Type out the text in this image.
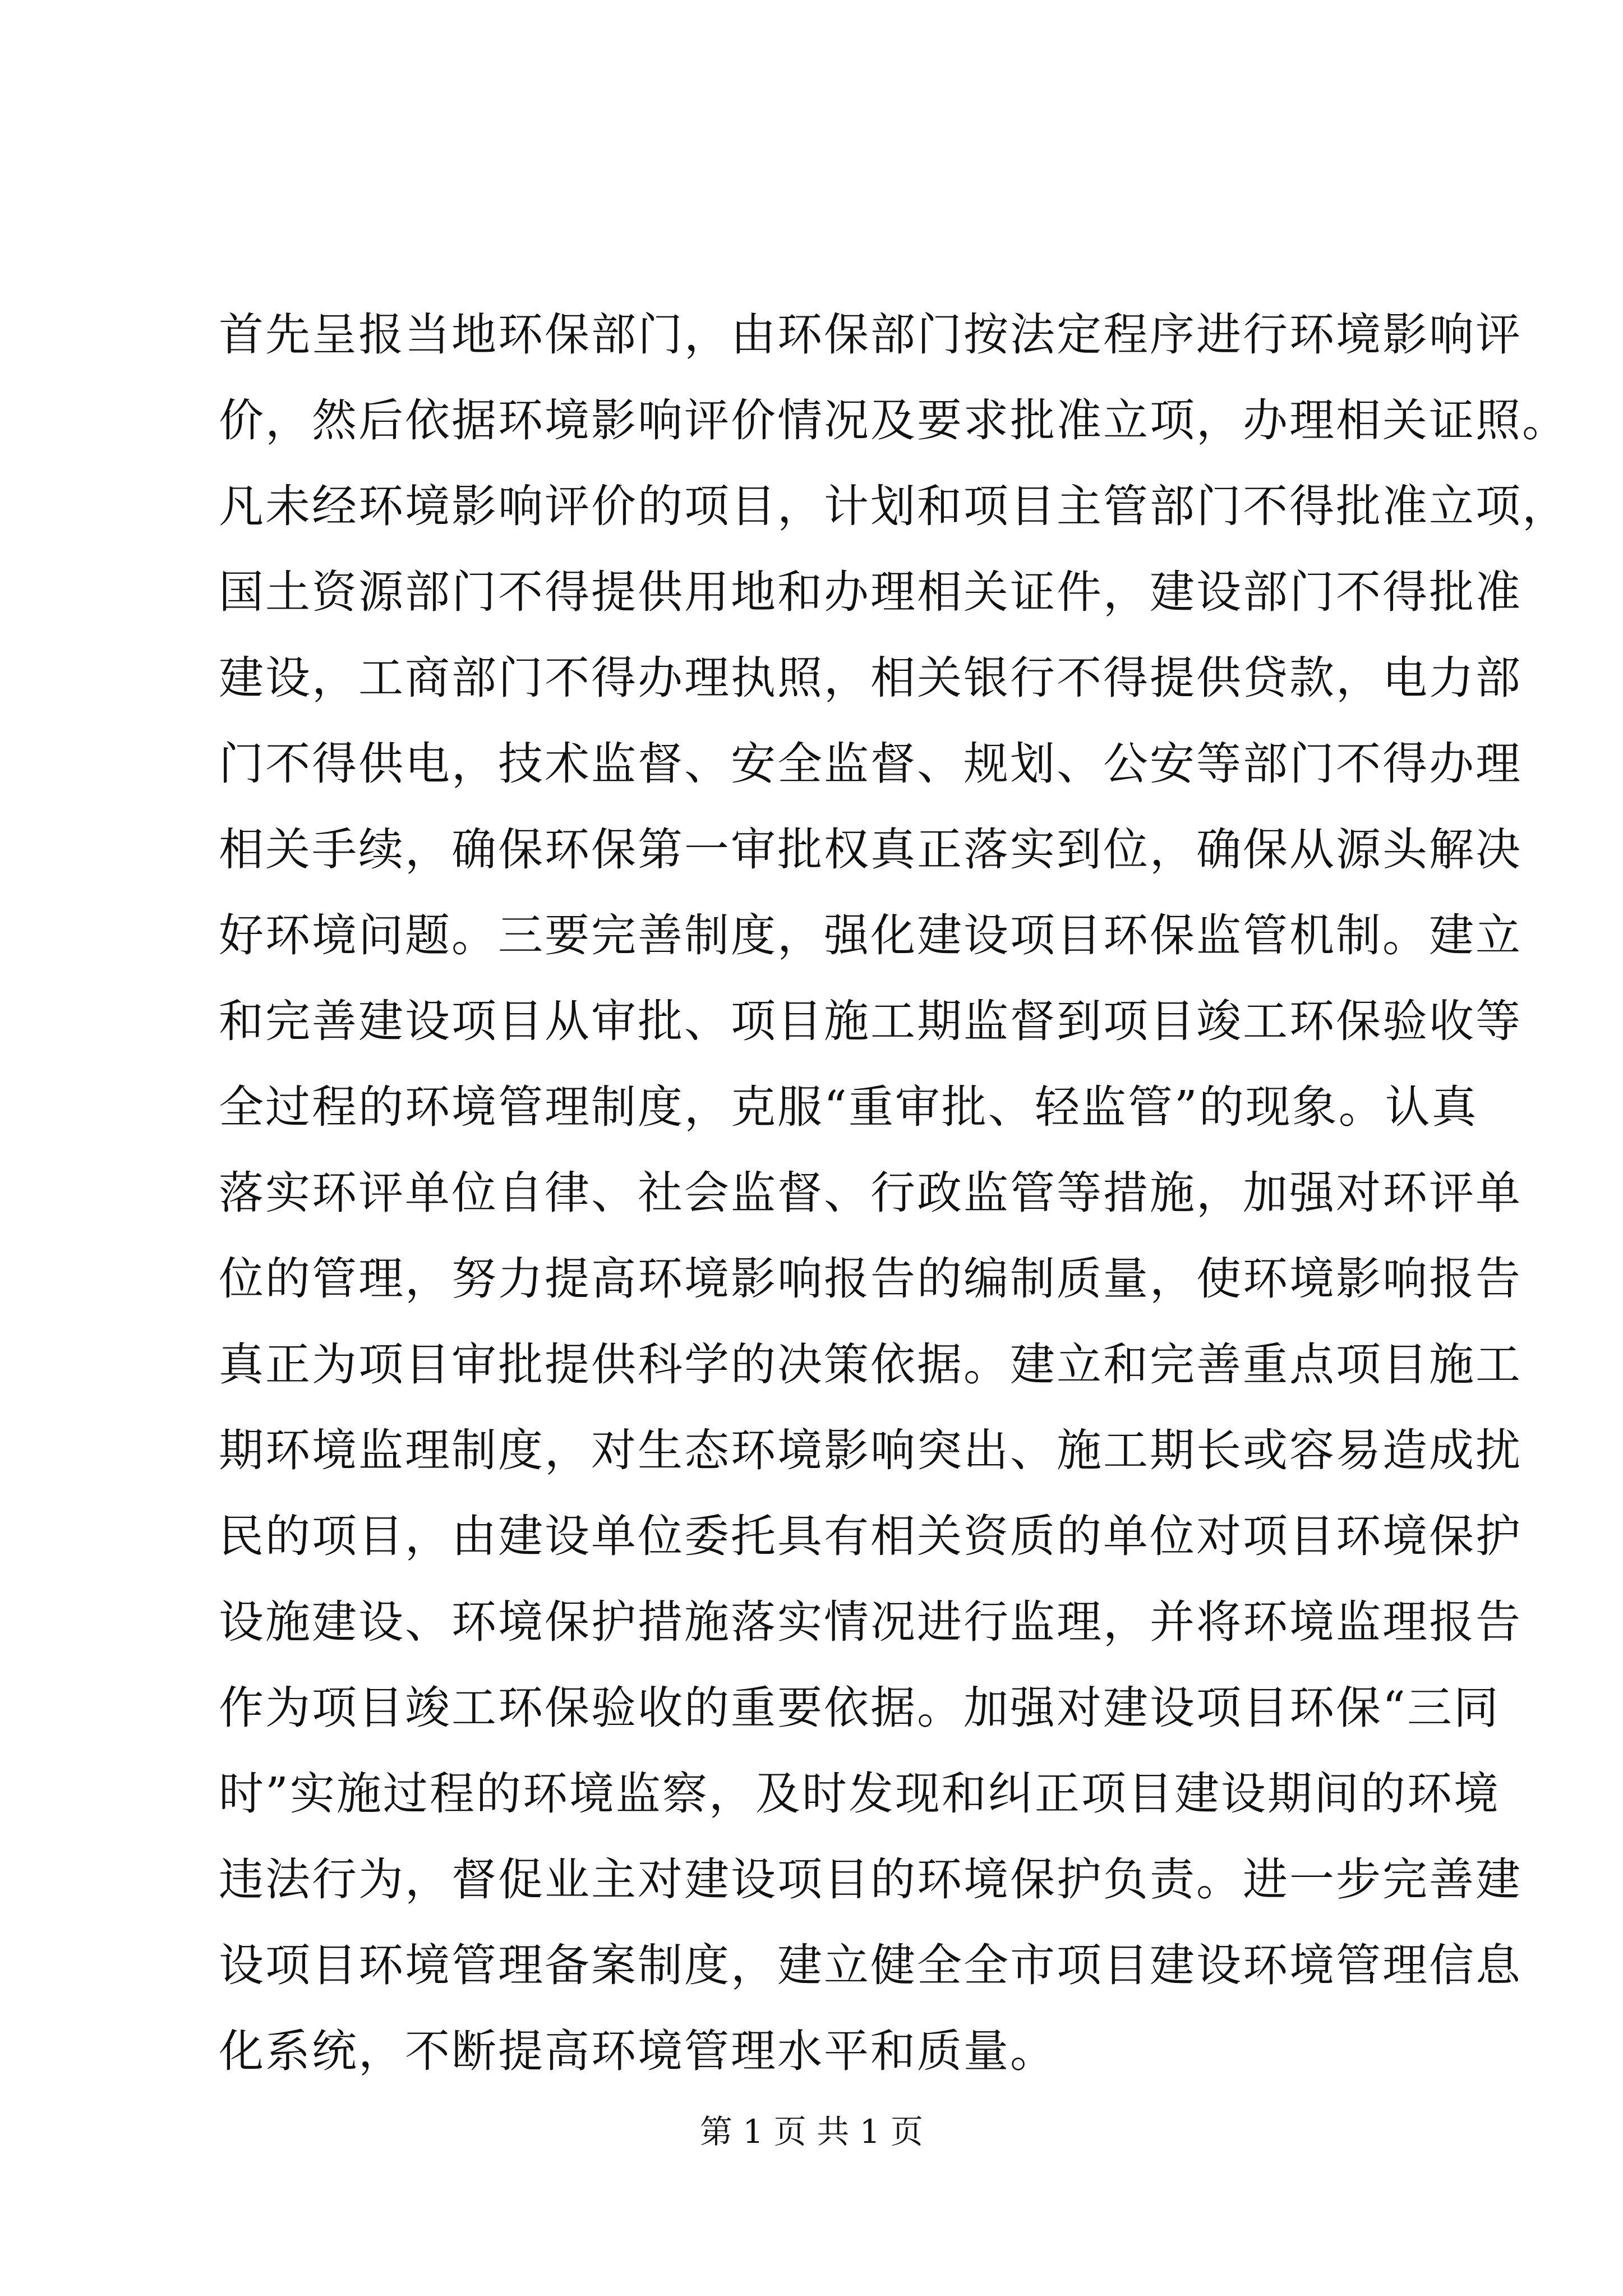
首先呈报当地环保部门，由环保部门按法定程序进行环境影响评
价，然后依据环境影响评价情况及要求批准立项，办理相关证照。
凡未经环境影响评价的项目，计划和项目主管部门不得批准立项，
国土资源部门不得提供用地和办理相关证件，建设部门不得批准
建设，工商部门不得办理执照，相关银行不得提供贷款，电力部
门不得供电，技术监督、安全监督、规划、公安等部门不得办理
相关手续，确保环保第一审批权真正落实到位，确保从源头解决
好环境问题。三要完善制度，强化建设项目环保监管机制。建立
和完善建设项目从审批、项目施工期监督到项目竣工环保验收等
全过程的环境管理制度，克服“重审批、轻监管”的现象。认真
落实环评单位自律、社会监督、行政监管等措施，加强对环评单
位的管理，努力提高环境影响报告的编制质量，使环境影响报告
真正为项目审批提供科学的决策依据。建立和完善重点项目施工
期环境监理制度，对生态环境影响突出、施工期长或容易造成扰
民的项目，由建设单位委托具有相关资质的单位对项目环境保护
设施建设、环境保护措施落实情况进行监理，并将环境监理报告
作为项目竣工环保验收的重要依据。加强对建设项目环保“三同
时”实施过程的环境监察，及时发现和纠正项目建设期间的环境
违法行为，督促业主对建设项目的环境保护负责。进一步完善建
设项目环境管理备案制度，建立健全全市项目建设环境管理信息
化系统，不断提高环境管理水平和质量。
第 1 页 共 1 页
